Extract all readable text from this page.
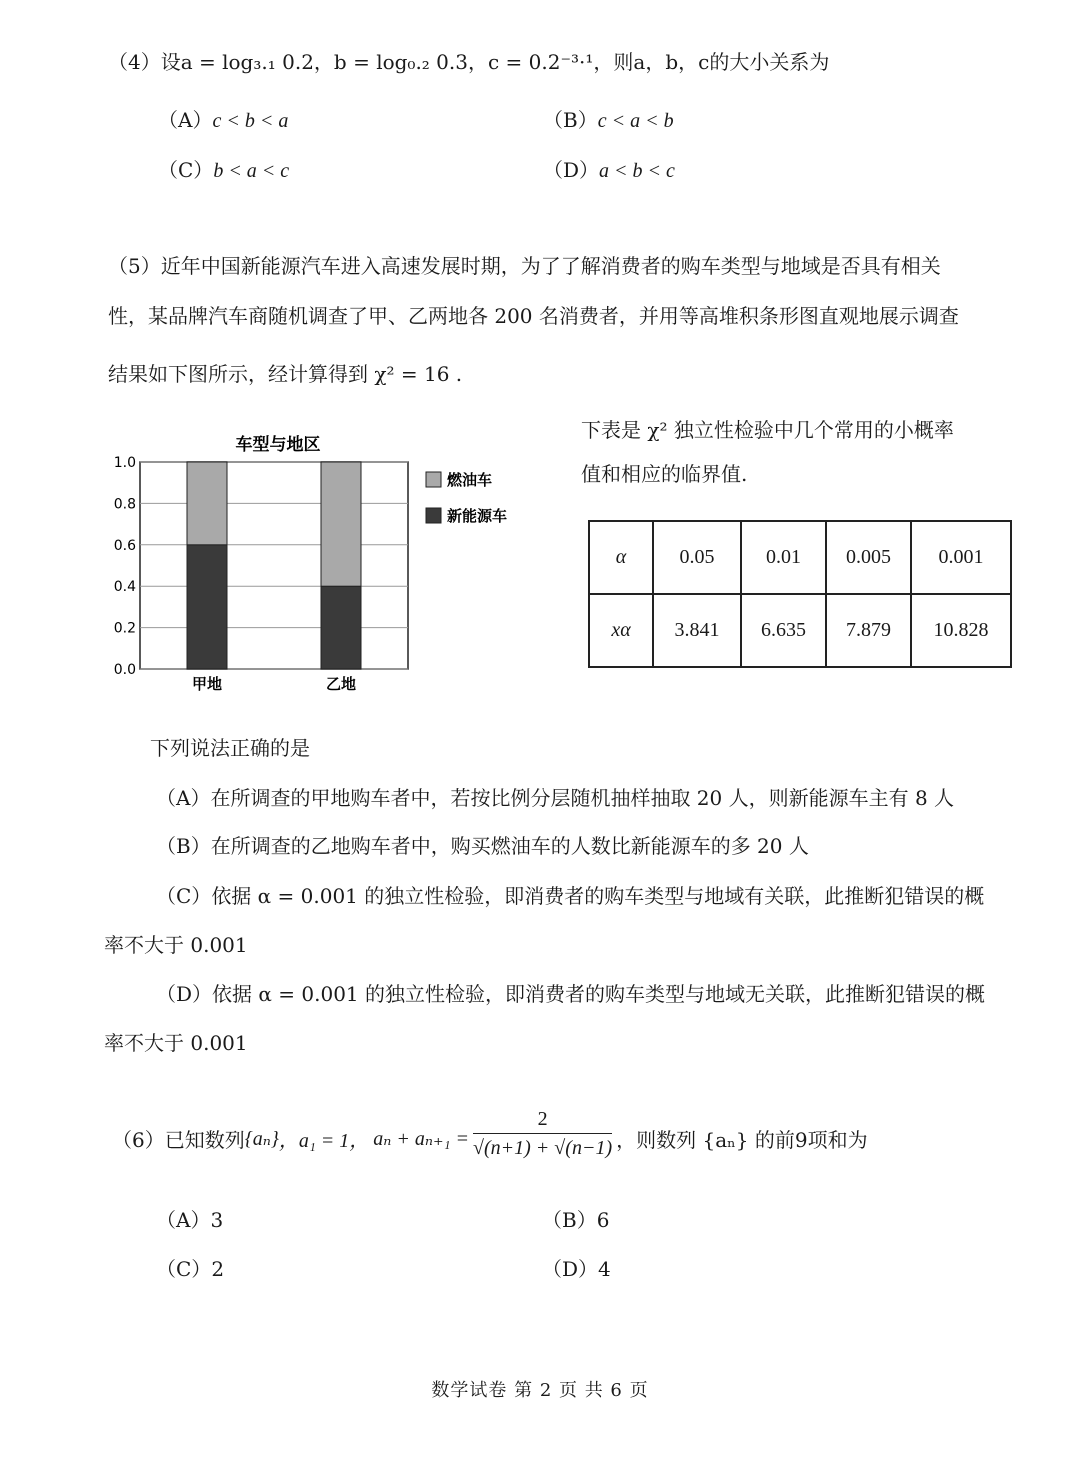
（4）设a = log₃.₁ 0.2，b = log₀.₂ 0.3，c = 0.2⁻³·¹，则a，b，c的大小关系为
（A）c < b < a	（B）c < a < b
（C）b < a < c	（D）a < b < c
（5）近年中国新能源汽车进入高速发展时期，为了了解消费者的购车类型与地域是否具有相关
性，某品牌汽车商随机调查了甲、乙两地各 200 名消费者，并用等高堆积条形图直观地展示调查
结果如下图所示，经计算得到 χ² = 16 .
车型与地区
0.0
0.2
0.4
0.6
0.8
1.0
甲地	乙地
燃油车
新能源车
下表是 χ² 独立性检验中几个常用的小概率
值和相应的临界值.
α	0.05	0.01	0.005	0.001
xα	3.841	6.635	7.879	10.828
下列说法正确的是
（A）在所调查的甲地购车者中，若按比例分层随机抽样抽取 20 人，则新能源车主有 8 人
（B）在所调查的乙地购车者中，购买燃油车的人数比新能源车的多 20 人
（C）依据 α = 0.001 的独立性检验，即消费者的购车类型与地域有关联，此推断犯错误的概
率不大于 0.001
（D）依据 α = 0.001 的独立性检验，即消费者的购车类型与地域无关联，此推断犯错误的概
率不大于 0.001
（6）已知数列 {aₙ} ，a₁ = 1， $a_n + a_{n+1} = \frac{2}{√(n+1) + √(n-1)}$ ，则数列 {aₙ} 的前9项和为
（A）3	（B）6
（C）2	（D）4
数学试卷 第 2 页 共 6 页
